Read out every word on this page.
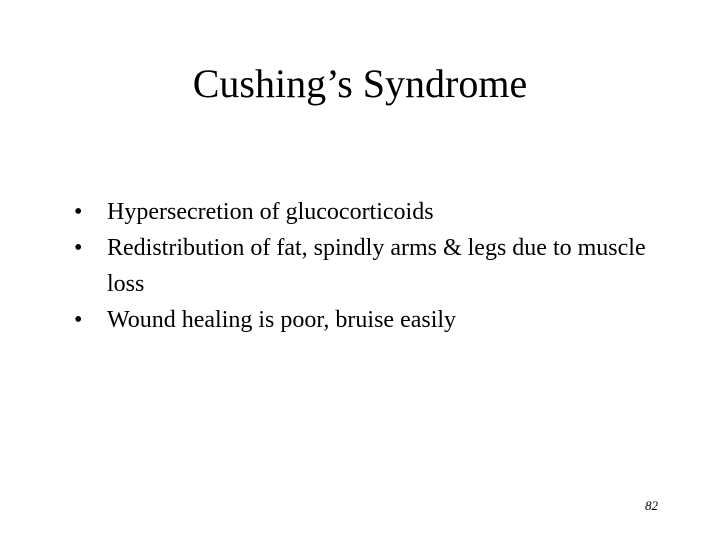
Cushing’s Syndrome
•	Hypersecretion of glucocorticoids
•	Redistribution of fat, spindly arms & legs due to muscle loss
•	Wound healing is poor, bruise easily
82
